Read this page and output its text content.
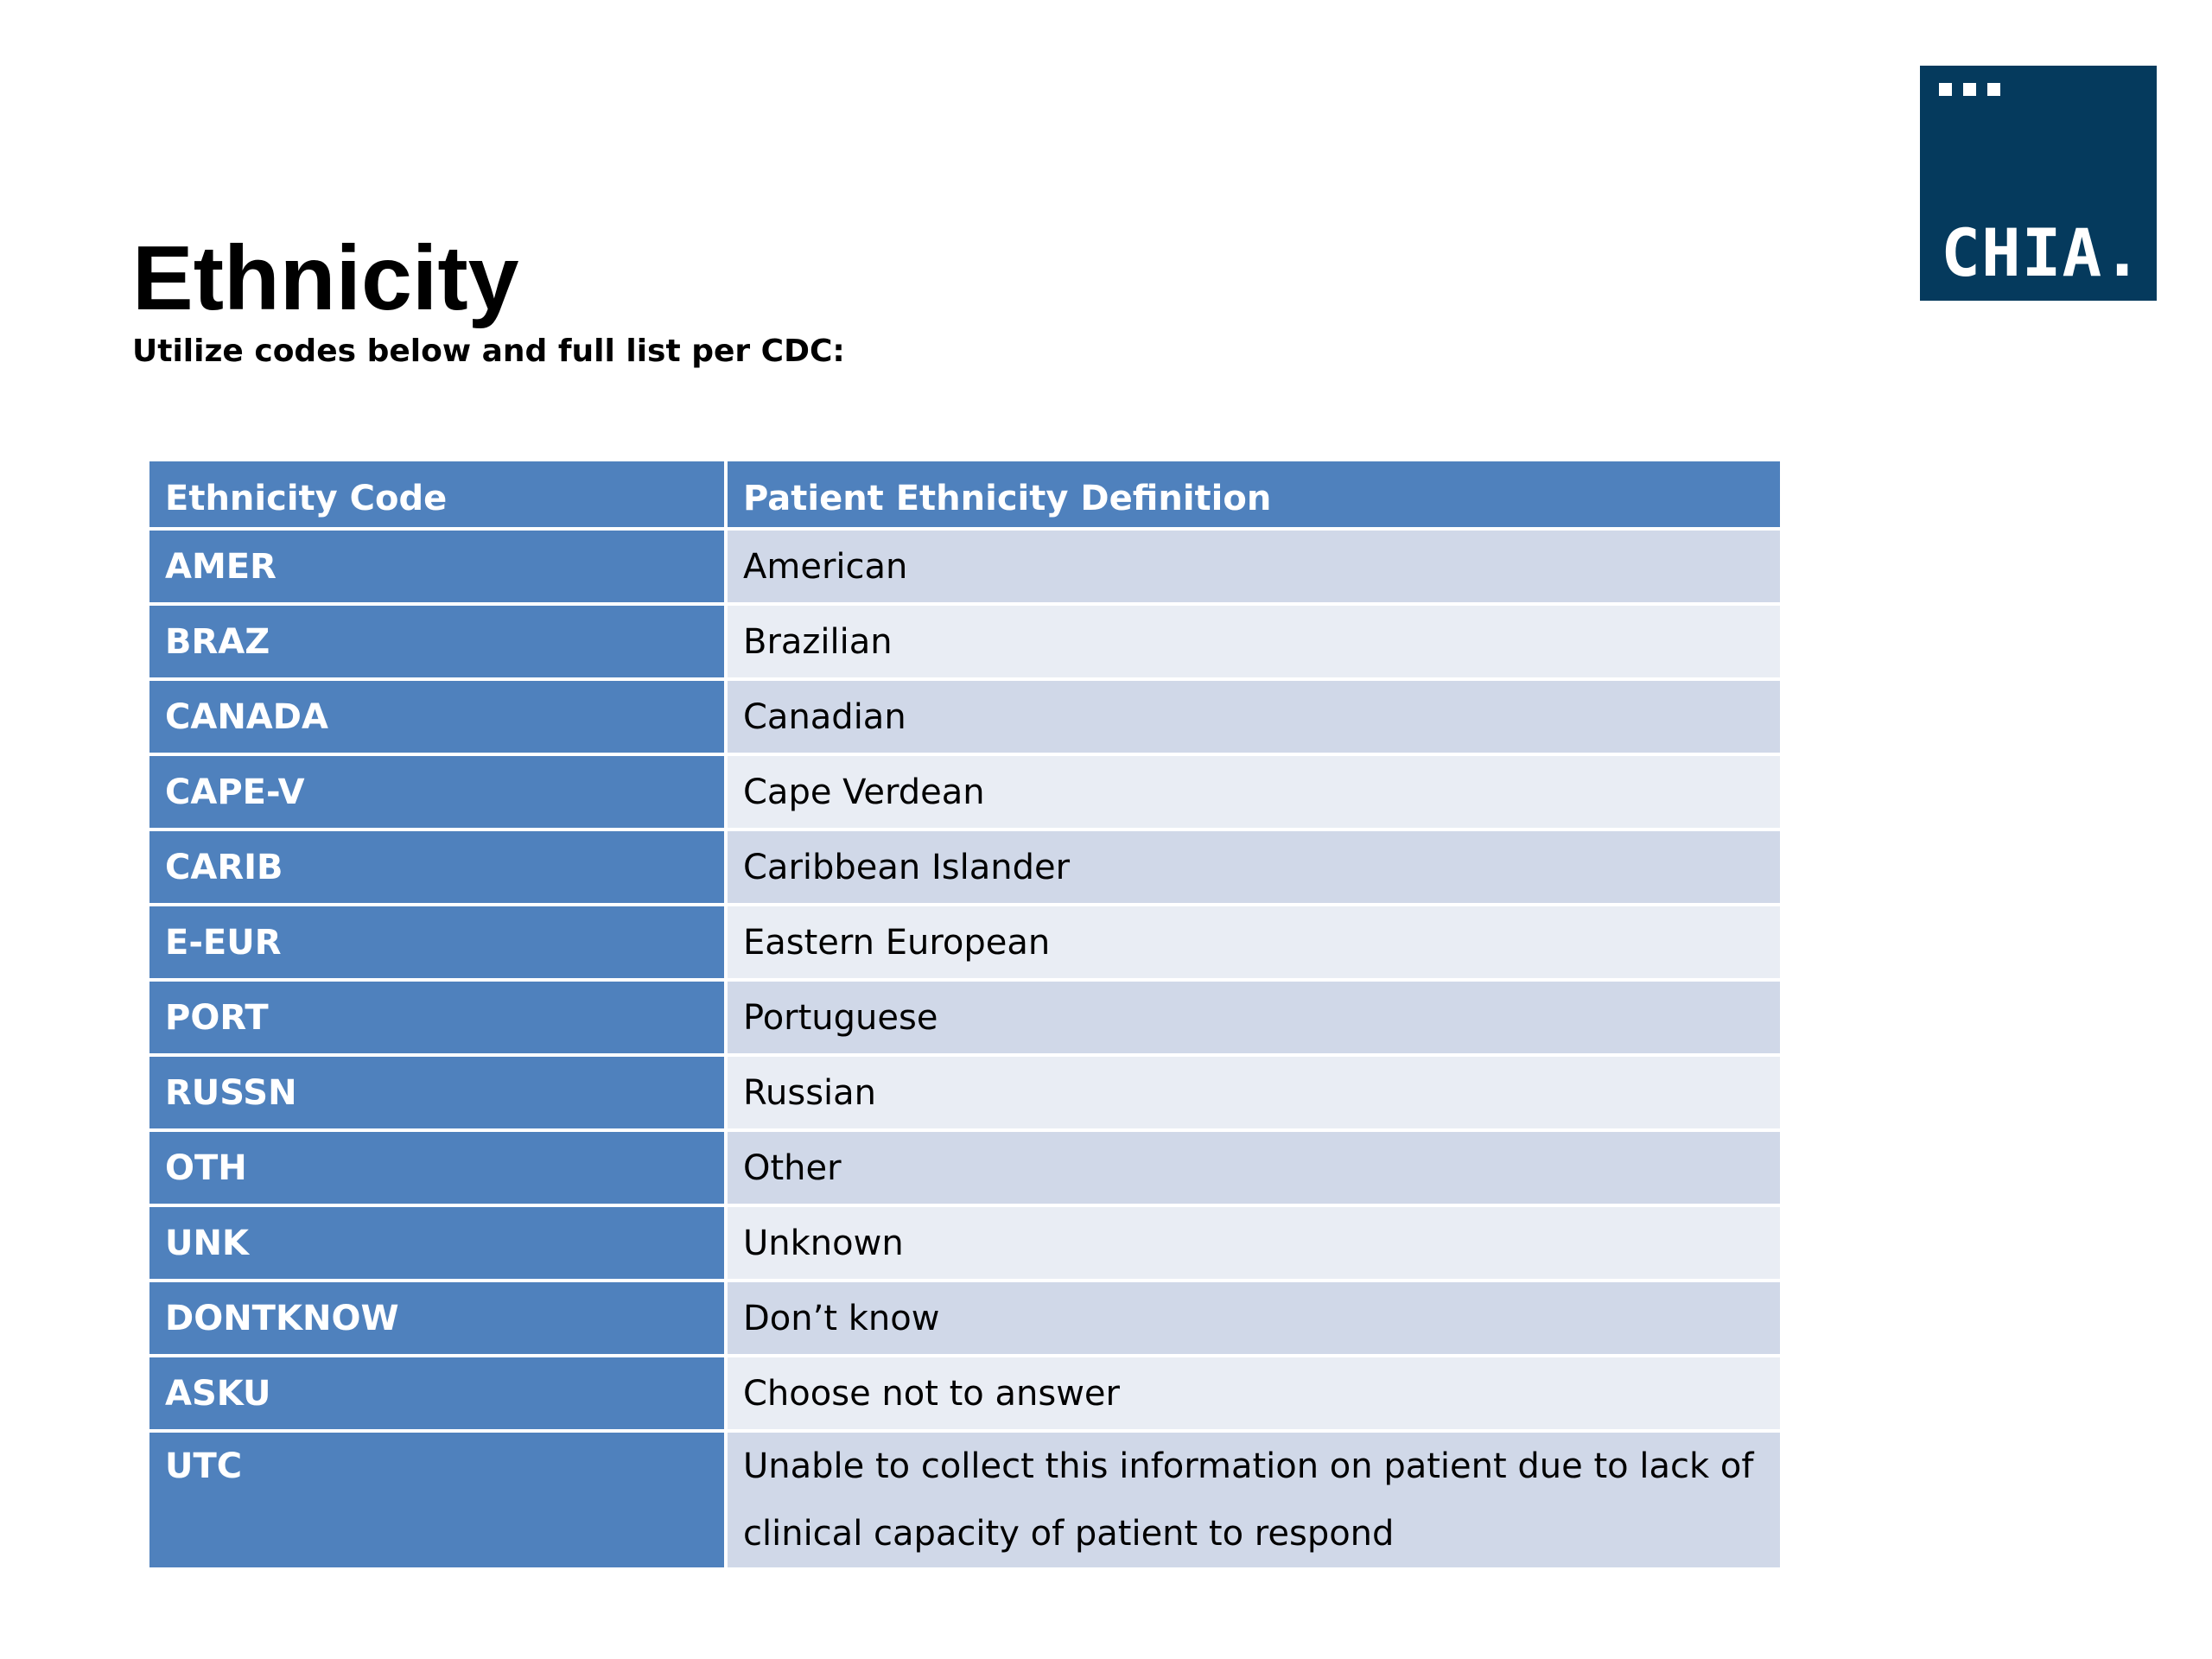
Ethnicity

Utilize codes below and full list per CDC:

CHIA.
Ethnicity Code	Patient Ethnicity Definition
AMER	American
BRAZ	Brazilian
CANADA	Canadian
CAPE-V	Cape Verdean
CARIB	Caribbean Islander
E-EUR	Eastern European
PORT	Portuguese
RUSSN	Russian
OTH	Other
UNK	Unknown
DONTKNOW	Don’t know
ASKU	Choose not to answer
UTC	Unable to collect this information on patient due to lack of clinical capacity of patient to respond
